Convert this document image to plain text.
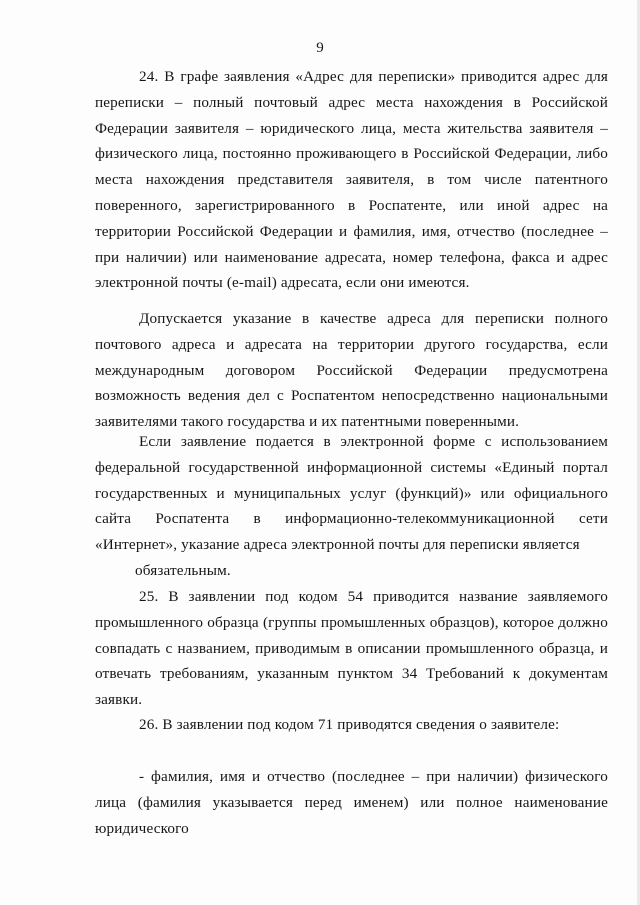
9

24. В графе заявления «Адрес для переписки» приводится адрес для переписки – полный почтовый адрес места нахождения в Российской Федерации заявителя – юридического лица, места жительства заявителя – физического лица, постоянно проживающего в Российской Федерации, либо места нахождения представителя заявителя, в том числе патентного поверенного, зарегистрированного в Роспатенте, или иной адрес на территории Российской Федерации и фамилия, имя, отчество (последнее – при наличии) или наименование адресата, номер телефона, факса и адрес электронной почты (e-mail) адресата, если они имеются.

Допускается указание в качестве адреса для переписки полного почтового адреса и адресата на территории другого государства, если международным договором Российской Федерации предусмотрена возможность ведения дел с Роспатентом непосредственно национальными заявителями такого государства и их патентными поверенными.

Если заявление подается в электронной форме с использованием федеральной государственной информационной системы «Единый портал государственных и муниципальных услуг (функций)» или официального сайта Роспатента в информационно-телекоммуникационной сети «Интернет», указание адреса электронной почты для переписки является

обязательным.

25. В заявлении под кодом 54 приводится название заявляемого промышленного образца (группы промышленных образцов), которое должно совпадать с названием, приводимым в описании промышленного образца, и отвечать требованиям, указанным пунктом 34 Требований к документам заявки.

26. В заявлении под кодом 71 приводятся сведения о заявителе:

- фамилия, имя и отчество (последнее – при наличии) физического лица (фамилия указывается перед именем) или полное наименование юридического
